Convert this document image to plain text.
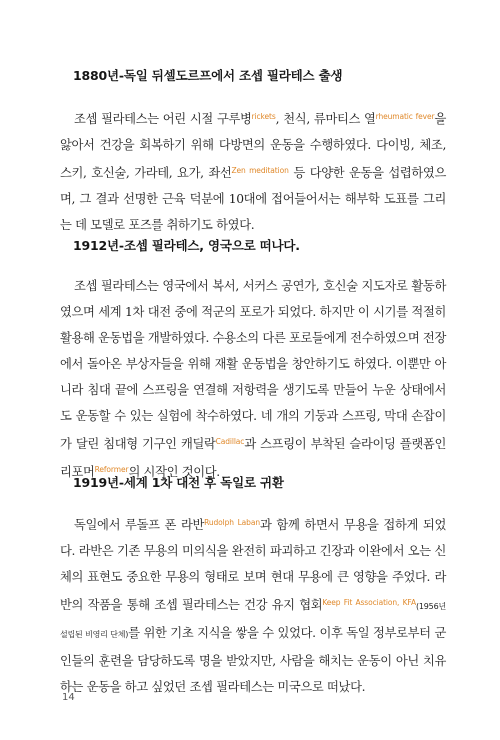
1880년-독일 뒤셀도르프에서 조셉 필라테스 출생
조셉 필라테스는 어린 시절 구루병$^{rickets}$, 천식, 류마티스 열$^{rheumatic fever}$을 앓아서 건강을 회복하기 위해 다방면의 운동을 수행하였다. 다이빙, 체조, 스키, 호신술, 가라테, 요가, 좌선$^{Zen meditation}$ 등 다양한 운동을 섭렵하였으며, 그 결과 선명한 근육 덕분에 10대에 접어들어서는 해부학 도표를 그리는 데 모델로 포즈를 취하기도 하였다.
1912년-조셉 필라테스, 영국으로 떠나다.
조셉 필라테스는 영국에서 복서, 서커스 공연가, 호신술 지도자로 활동하였으며 세계 1차 대전 중에 적군의 포로가 되었다. 하지만 이 시기를 적절히 활용해 운동법을 개발하였다. 수용소의 다른 포로들에게 전수하였으며 전장에서 돌아온 부상자들을 위해 재활 운동법을 창안하기도 하였다. 이뿐만 아니라 침대 끝에 스프링을 연결해 저항력을 생기도록 만들어 누운 상태에서도 운동할 수 있는 실험에 착수하였다. 네 개의 기둥과 스프링, 막대 손잡이가 달린 침대형 기구인 캐딜락$^{Cadillac}$과 스프링이 부착된 슬라이딩 플랫폼인 리포머$^{Reformer}$의 시작인 것이다.
1919년-세계 1차 대전 후 독일로 귀환
독일에서 루돌프 폰 라반$^{Rudolph Laban}$과 함께 하면서 무용을 접하게 되었다. 라반은 기존 무용의 미의식을 완전히 파괴하고 긴장과 이완에서 오는 신체의 표현도 중요한 무용의 형태로 보며 현대 무용에 큰 영향을 주었다. 라반의 작품을 통해 조셉 필라테스는 건강 유지 협회$^{Keep Fit Association, KFA}$(1956년 설립된 비영리 단체)를 위한 기초 지식을 쌓을 수 있었다. 이후 독일 정부로부터 군인들의 훈련을 담당하도록 명을 받았지만, 사람을 해치는 운동이 아닌 치유하는 운동을 하고 싶었던 조셉 필라테스는 미국으로 떠났다.
14
